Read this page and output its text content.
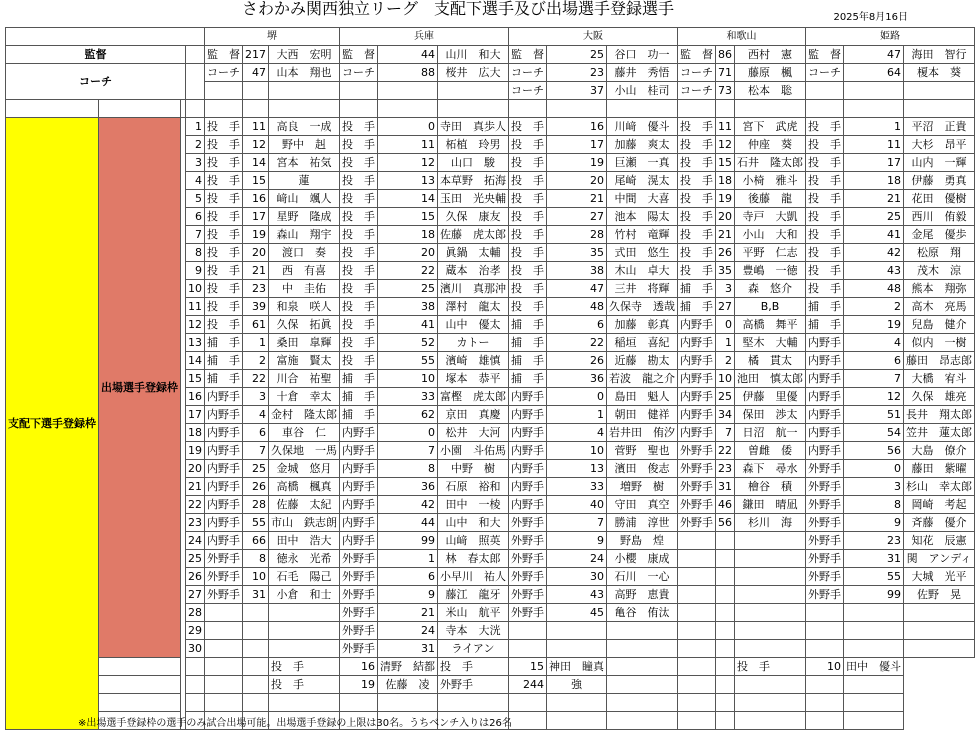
さわかみ関西独立リーグ　支配下選手及び出場選手登録選手	2025年8月16日
				堺			兵庫			大阪			和歌山			姫路		
監督				監　督	217	大西　宏明	監　督	44	山川　和大	監　督	25	谷口　功一	監　督	86	西村　憲	監　督	47	海田　智行
コーチ				コーチ	47	山本　翔也	コーチ	88	桜井　広大	コーチ	23	藤井　秀悟	コーチ	71	藤原　楓	コーチ	64	榎本　葵
										コーチ	37	小山　桂司	コーチ	73	松本　聡			

支配下選手登録枠	出場選手登録枠		1	投　手	11	高良　一成	投　手	0	寺田　真歩人	投　手	16	川﨑　優斗	投　手	11	宮下　武虎	投　手	1	平沼　正貴
			2	投　手	12	野中　赳	投　手	11	柘植　玲男	投　手	17	加藤　爽太	投　手	12	仲座　葵	投　手	11	大杉　昂平
			3	投　手	14	宮本　祐気	投　手	12	山口　駿	投　手	19	巨瀬　一真	投　手	15	石井　隆太郎	投　手	17	山内　一輝
			4	投　手	15	蓮	投　手	13	本草野　拓海	投　手	20	尾崎　滉太	投　手	18	小椅　雅斗	投　手	18	伊藤　勇真
			5	投　手	16	﨑山　颯人	投　手	14	玉田　光央輔	投　手	21	中間　大喜	投　手	19	後藤　龍	投　手	21	花田　優樹
			6	投　手	17	星野　隆成	投　手	15	久保　康友	投　手	27	池本　陽太	投　手	20	寺戸　大凱	投　手	25	西川　侑毅
			7	投　手	19	森山　翔宇	投　手	18	佐藤　虎太郎	投　手	28	竹村　竜輝	投　手	21	小山　大和	投　手	41	金尾　優歩
			8	投　手	20	渡口　奏	投　手	20	眞鍋　太輔	投　手	35	式田　悠生	投　手	26	平野　仁志	投　手	42	松原　翔
			9	投　手	21	西　有喜	投　手	22	蔵本　治孝	投　手	38	木山　卓大	投　手	35	豊嶋　一徳	投　手	43	茂木　涼
			10	投　手	23	中　圭佑	投　手	25	濱川　真那沖	投　手	47	三井　将輝	捕　手	3	森　悠介	投　手	48	熊本　翔弥
			11	投　手	39	和泉　咲人	投　手	38	澤村　龍太	投　手	48	久保寺　透哉	捕　手	27	B,B	捕　手	2	高木　亮馬
			12	投　手	61	久保　拓眞	投　手	41	山中　優太	捕　手	6	加藤　彰真	内野手	0	高橋　舞平	捕　手	19	兒島　健介
			13	捕　手	1	桑田　皐輝	投　手	52	カトー	捕　手	22	稲垣　喜紀	内野手	1	堅木　大輔	内野手	4	似内　一樹
			14	捕　手	2	富施　賢太	投　手	55	濱崎　雄慎	捕　手	26	近藤　勘太	内野手	2	橘　貫太	内野手	6	藤田　昂志郎
			15	捕　手	22	川合　祐聖	捕　手	10	塚本　恭平	捕　手	36	若波　龍之介	内野手	10	池田　慎太郎	内野手	7	大橋　宥斗
			16	内野手	3	十倉　幸太	捕　手	33	富樫　虎太郎	内野手	0	島田　魁人	内野手	25	伊藤　里優	内野手	12	久保　雄亮
			17	内野手	4	金村　隆太郎	捕　手	62	京田　真慶	内野手	1	朝田　健祥	内野手	34	保田　渉太	内野手	51	長井　翔太郎
			18	内野手	6	車谷　仁	内野手	0	松井　大河	内野手	4	岩井田　侑汐	内野手	7	日沼　航一	内野手	54	笠井　蓮太郎
			19	内野手	7	久保地　一馬	内野手	7	小園　斗佑馬	内野手	10	菅野　聖也	外野手	22	曽雌　倭	内野手	56	大島　僚介
			20	内野手	25	金城　悠月	内野手	8	中野　樹	内野手	13	濱田　俊志	外野手	23	森下　尋水	外野手	0	藤田　紫曜
			21	内野手	26	高橋　楓真	内野手	36	石原　裕和	内野手	33	増野　樹	外野手	31	檜谷　積	外野手	3	杉山　幸太郎
			22	内野手	28	佐藤　太紀	内野手	42	田中　一棱	内野手	40	守田　真空	外野手	46	鎌田　晴凪	外野手	8	岡崎　考起
			23	内野手	55	市山　鉄志朗	内野手	44	山中　和大	外野手	7	勝浦　淳世	外野手	56	杉川　海	外野手	9	斉藤　優介
			24	内野手	66	田中　浩大	内野手	99	山﨑　照英	外野手	9	野島　煌				外野手	23	知花　辰憲
			25	外野手	8	徳永　光希	外野手	1	林　春太郎	外野手	24	小櫻　康成				外野手	31	関　アンディ
			26	外野手	10	石毛　陽己	外野手	6	小早川　祐人	外野手	30	石川　一心				外野手	55	大城　光平
			27	外野手	31	小倉　和士	外野手	9	藤江　龍牙	外野手	43	高野　恵貴				外野手	99	佐野　晃
			28				外野手	21	米山　航平	外野手	45	亀谷　侑汰						
			29				外野手	24	寺本　大洸									
			30				外野手	31	ライアン									
						投　手	16	清野　結都	投　手	15	神田　瞳真				投　手	10	田中　優斗	
						投　手	19	佐藤　凌	外野手	244	強							

※出場選手登録枠の選手のみ試合出場可能。出場選手登録の上限は30名。うちベンチ入りは26名
